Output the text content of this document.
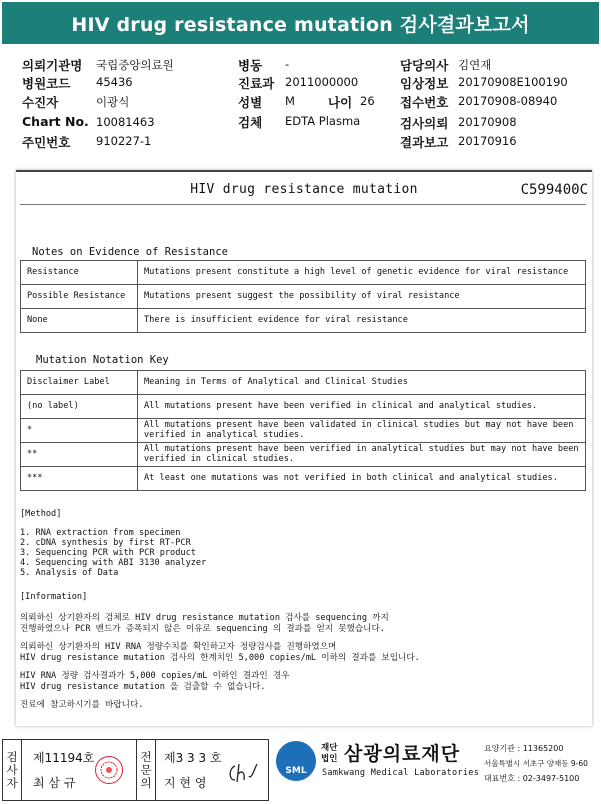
HIV drug resistance mutation 검사결과보고서
의뢰기관명 국립중앙의료원
병원코드 45436
수진자	이광식
Chart No. 10081463
주민번호 910227-1
병동 -
진료과 2011000000
성별 M	나이 26
검체 EDTA Plasma
담당의사 김연재
임상정보 20170908E100190
접수번호 20170908-08940
검사의뢰 20170908
결과보고 20170916
HIV drug resistance mutation	C599400C
Notes on Evidence of Resistance
Resistance	Mutations present constitute a high level of genetic evidence for viral resistance
Possible Resistance	Mutations present suggest the possibility of viral resistance
None	There is insufficient evidence for viral resistance
Mutation Notation Key
Disclaimer Label	Meaning in Terms of Analytical and Clinical Studies
(no label)	All mutations present have been verified in clinical and analytical studies.
*	All mutations present have been validated in clinical studies but may not have been verified in analytical studies.
**	All mutations present have been verified in analytical studies but may not have been verified in clinical studies.
***	At least one mutations was not verified in both clinical and analytical studies.
[Method]
1. RNA extraction from specimen
2. cDNA synthesis by first RT-PCR
3. Sequencing PCR with PCR product
4. Sequencing with ABI 3130 analyzer
5. Analysis of Data
[Information]
의뢰하신 상기환자의 검체로 HIV drug resistance mutation 검사를 sequencing 까지
진행하였으나 PCR 밴드가 증폭되지 않은 이유로 sequencing 의 결과를 얻지 못했습니다.
의뢰하신 상기환자의 HIV RNA 정량수치를 확인하고자 정량검사를 진행하였으며
HIV drug resistance mutation 검사의 한계치인 5,000 copies/mL 이하의 결과를 보입니다.
HIV RNA 정량 검사결과가 5,000 copies/mL 이하인 결과인 경우
HIV drug resistance mutation 을 검출할 수 없습니다.
진료에 참고하시기를 바랍니다.
검
사
자
제11194호
최 삼 규
전
문
의
제3 3 3 호
지 현 영
SML
재단
법인 삼광의료재단
Samkwang Medical Laboratories
요양기관 : 11365200
서울특별시 서초구 양재동 9-60
대표번호 : 02-3497-5100
